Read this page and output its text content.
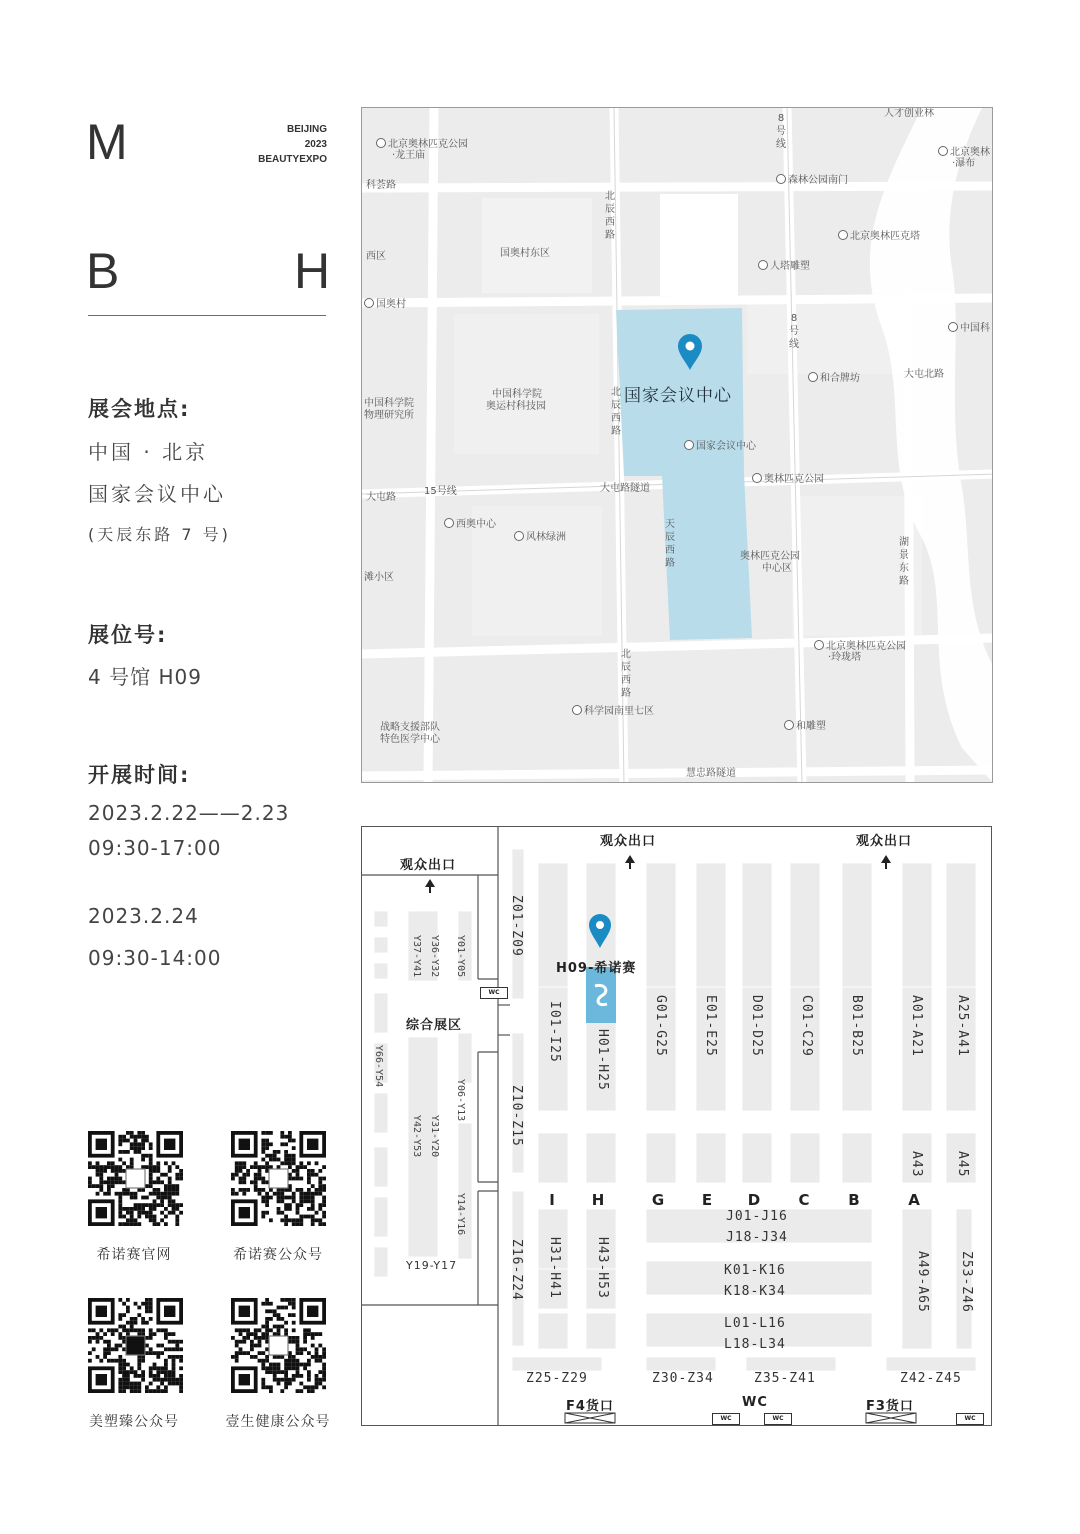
M
B	H
BEIJING
2023
BEAUTYEXPO
展会地点:
中国 · 北京
国家会议中心
(天辰东路 7 号)
展位号:
4 号馆 H09
开展时间:
2023.2.22——2.23
09:30-17:00
2023.2.24
09:30-14:00
希诺赛官网	希诺赛公众号
美塑臻公众号	壹生健康公众号
国家会议中心
人才创业林
北京奥林匹克公园
·龙王庙
科荟路
8号线
森林公园南门
北京奥林
·瀑布
北辰西路
国奥村东区
北京奥林匹克塔
西区
人塔雕塑
国奥村
中国科
8号线
和合牌坊	大屯北路
中国科学院
物理研究所
中国科学院
奥运村科技园
北辰西路
国家会议中心
大屯路
15号线	大屯路隧道
奥林匹克公园
西奥中心
风林绿洲
天辰西路
奥林匹克公园
中心区
湖景东路
滩小区
北京奥林匹克公园
·玲珑塔
北辰西路
科学园南里七区
战略支援部队
特色医学中心
和雕塑
慧忠路隧道
观众出口
观众出口	观众出口
H09-希诺赛
综合展区
Y37-Y41 Y36-Y32 Y01-Y05
Y66-Y54
Y06-Y13
Y42-Y53 Y31-Y20
Y14-Y16
Y19-Y17
WC
Z01-Z09
Z10-Z15
Z16-Z24
I01-I25	H01-H25
G01-G25	E01-E25 D01-D25	C01-C29	B01-B25	A01-A21 A25-A41
A43 A45
I	H	G	E	D	C	B	A
H31-H41	H43-H53	A49-A65 Z53-Z46
J01-J16
J18-J34
K01-K16
K18-K34
L01-L16
L18-L34
Z25-Z29	Z30-Z34	Z35-Z41	Z42-Z45
F4货口	WC	F3货口
WC	WC	WC
